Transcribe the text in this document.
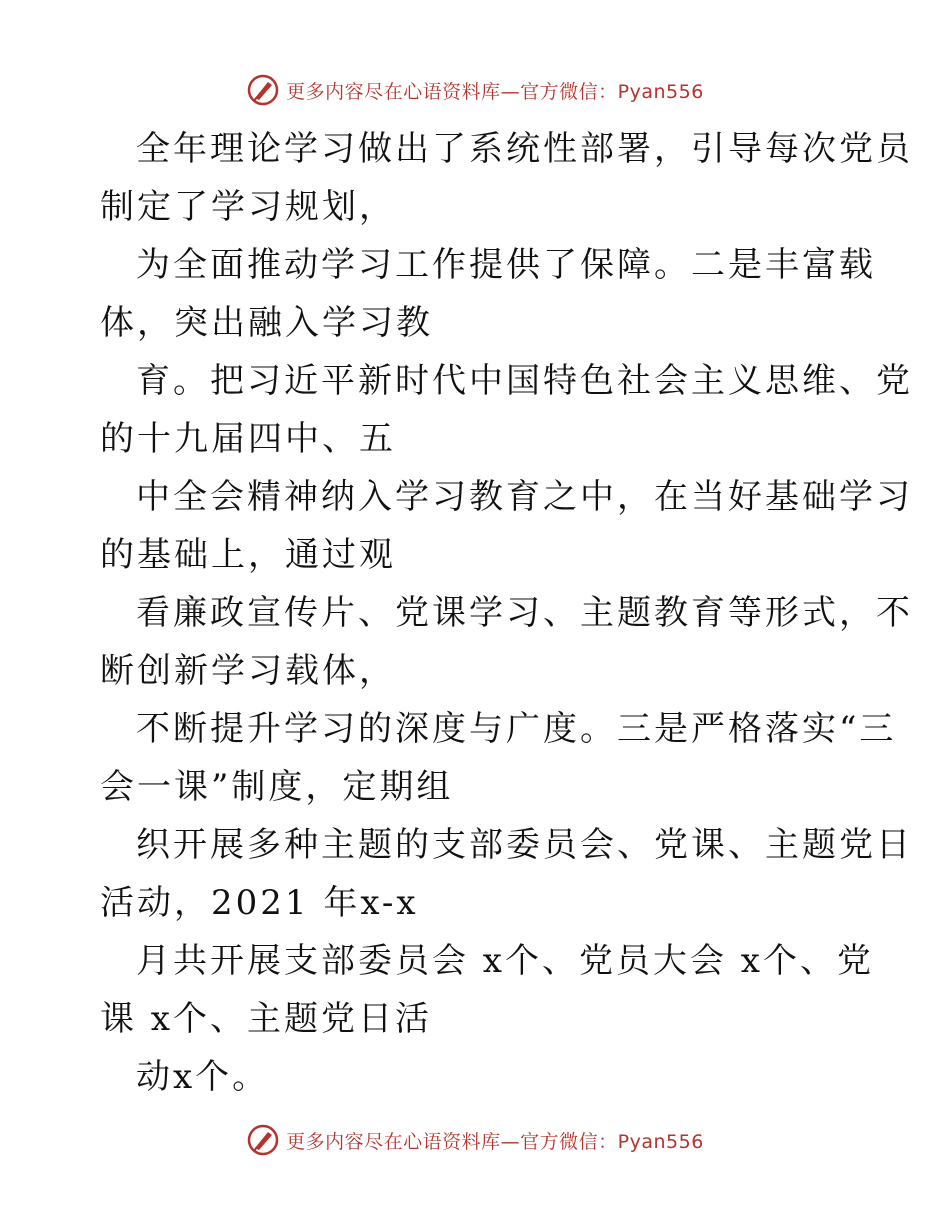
更多内容尽在心语资料库—官方微信：Pyan556

全年理论学习做出了系统性部署，引导每次党员
制定了学习规划，
为全面推动学习工作提供了保障。二是丰富载
体，突出融入学习教
育。把习近平新时代中国特色社会主义思维、党
的十九届四中、五
中全会精神纳入学习教育之中，在当好基础学习
的基础上，通过观
看廉政宣传片、党课学习、主题教育等形式，不
断创新学习载体，
不断提升学习的深度与广度。三是严格落实“三
会一课”制度，定期组
织开展多种主题的支部委员会、党课、主题党日
活动，2021 年x-x
月共开展支部委员会 x个、党员大会 x个、党
课 x个、主题党日活
动x个。

更多内容尽在心语资料库—官方微信：Pyan556
